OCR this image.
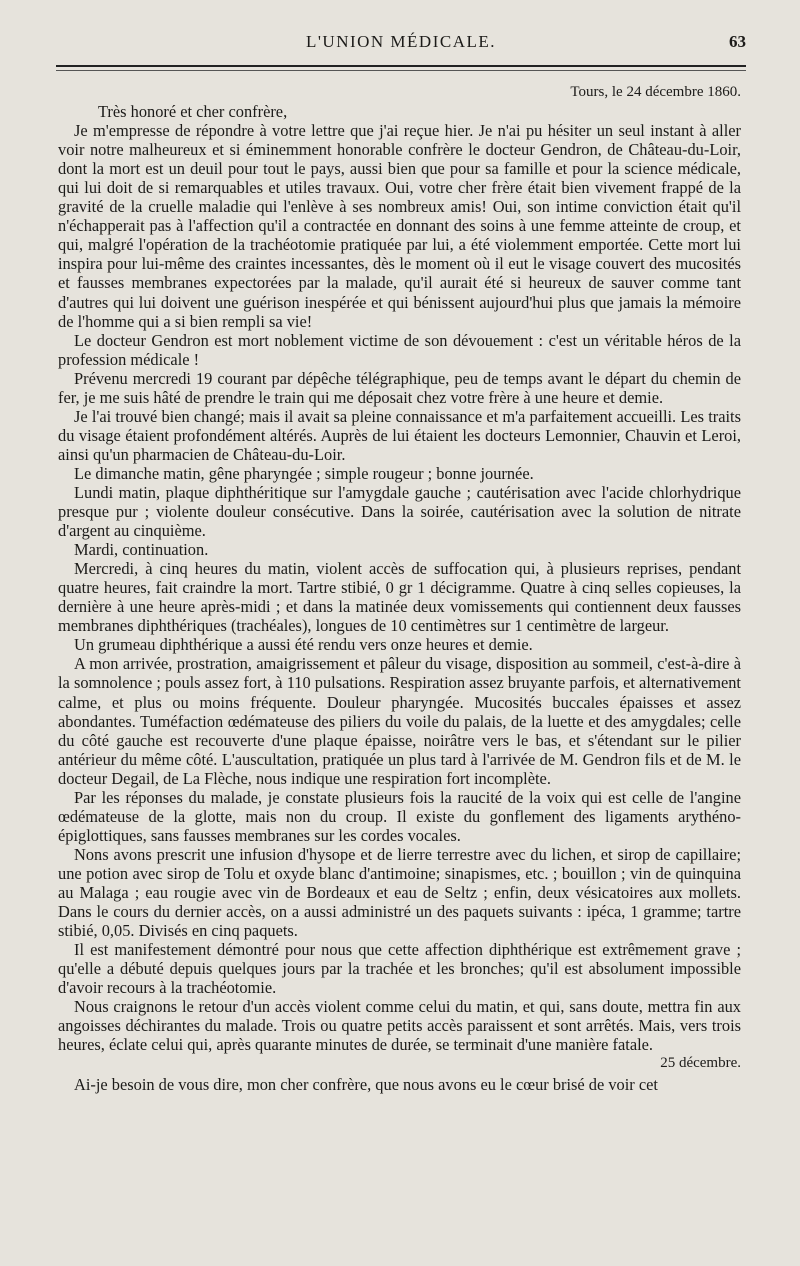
L'UNION MÉDICALE.	63

Tours, le 24 décembre 1860.

Très honoré et cher confrère,

Je m'empresse de répondre à votre lettre que j'ai reçue hier. Je n'ai pu hésiter un seul instant à aller voir notre malheureux et si éminemment honorable confrère le docteur Gendron, de Château-du-Loir, dont la mort est un deuil pour tout le pays, aussi bien que pour sa famille et pour la science médicale, qui lui doit de si remarquables et utiles travaux. Oui, votre cher frère était bien vivement frappé de la gravité de la cruelle maladie qui l'enlève à ses nombreux amis! Oui, son intime conviction était qu'il n'échapperait pas à l'affection qu'il a contractée en donnant des soins à une femme atteinte de croup, et qui, malgré l'opération de la trachéotomie pratiquée par lui, a été violemment emportée. Cette mort lui inspira pour lui-même des craintes incessantes, dès le moment où il eut le visage couvert des mucosités et fausses membranes expectorées par la malade, qu'il aurait été si heureux de sauver comme tant d'autres qui lui doivent une guérison inespérée et qui bénissent aujourd'hui plus que jamais la mémoire de l'homme qui a si bien rempli sa vie!

Le docteur Gendron est mort noblement victime de son dévouement : c'est un véritable héros de la profession médicale !

Prévenu mercredi 19 courant par dépêche télégraphique, peu de temps avant le départ du chemin de fer, je me suis hâté de prendre le train qui me déposait chez votre frère à une heure et demie.

Je l'ai trouvé bien changé; mais il avait sa pleine connaissance et m'a parfaitement accueilli. Les traits du visage étaient profondément altérés. Auprès de lui étaient les docteurs Lemonnier, Chauvin et Leroi, ainsi qu'un pharmacien de Château-du-Loir.

Le dimanche matin, gêne pharyngée ; simple rougeur ; bonne journée.

Lundi matin, plaque diphthéritique sur l'amygdale gauche ; cautérisation avec l'acide chlorhydrique presque pur ; violente douleur consécutive. Dans la soirée, cautérisation avec la solution de nitrate d'argent au cinquième.

Mardi, continuation.

Mercredi, à cinq heures du matin, violent accès de suffocation qui, à plusieurs reprises, pendant quatre heures, fait craindre la mort. Tartre stibié, 0 gr 1 décigramme. Quatre à cinq selles copieuses, la dernière à une heure après-midi ; et dans la matinée deux vomissements qui contiennent deux fausses membranes diphthériques (trachéales), longues de 10 centimètres sur 1 centimètre de largeur.

Un grumeau diphthérique a aussi été rendu vers onze heures et demie.

A mon arrivée, prostration, amaigrissement et pâleur du visage, disposition au sommeil, c'est-à-dire à la somnolence ; pouls assez fort, à 110 pulsations. Respiration assez bruyante parfois, et alternativement calme, et plus ou moins fréquente. Douleur pharyngée. Mucosités buccales épaisses et assez abondantes. Tuméfaction œdémateuse des piliers du voile du palais, de la luette et des amygdales; celle du côté gauche est recouverte d'une plaque épaisse, noirâtre vers le bas, et s'étendant sur le pilier antérieur du même côté. L'auscultation, pratiquée un plus tard à l'arrivée de M. Gendron fils et de M. le docteur Degail, de La Flèche, nous indique une respiration fort incomplète.

Par les réponses du malade, je constate plusieurs fois la raucité de la voix qui est celle de l'angine œdémateuse de la glotte, mais non du croup. Il existe du gonflement des ligaments arythéno-épiglottiques, sans fausses membranes sur les cordes vocales.

Nons avons prescrit une infusion d'hysope et de lierre terrestre avec du lichen, et sirop de capillaire; une potion avec sirop de Tolu et oxyde blanc d'antimoine; sinapismes, etc. ; bouillon ; vin de quinquina au Malaga ; eau rougie avec vin de Bordeaux et eau de Seltz ; enfin, deux vésicatoires aux mollets. Dans le cours du dernier accès, on a aussi administré un des paquets suivants : ipéca, 1 gramme; tartre stibié, 0,05. Divisés en cinq paquets.

Il est manifestement démontré pour nous que cette affection diphthérique est extrêmement grave ; qu'elle a débuté depuis quelques jours par la trachée et les bronches; qu'il est absolument impossible d'avoir recours à la trachéotomie.

Nous craignons le retour d'un accès violent comme celui du matin, et qui, sans doute, mettra fin aux angoisses déchirantes du malade. Trois ou quatre petits accès paraissent et sont arrêtés. Mais, vers trois heures, éclate celui qui, après quarante minutes de durée, se terminait d'une manière fatale.

25 décembre.

Ai-je besoin de vous dire, mon cher confrère, que nous avons eu le cœur brisé de voir cet
